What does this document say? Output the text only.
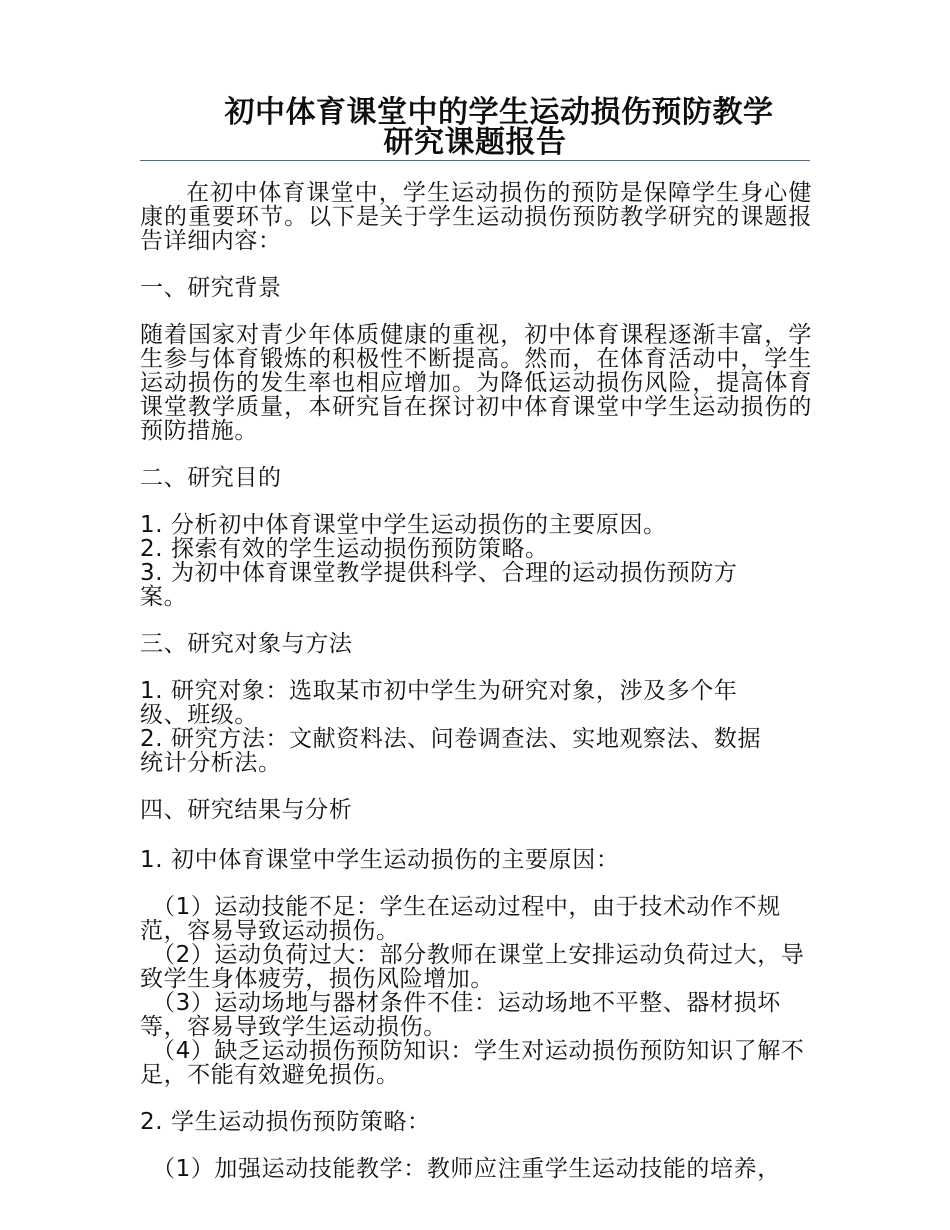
初中体育课堂中的学生运动损伤预防教学
研究课题报告

在初中体育课堂中，学生运动损伤的预防是保障学生身心健康的重要环节。以下是关于学生运动损伤预防教学研究的课题报告详细内容：

一、研究背景

随着国家对青少年体质健康的重视，初中体育课程逐渐丰富，学生参与体育锻炼的积极性不断提高。然而，在体育活动中，学生运动损伤的发生率也相应增加。为降低运动损伤风险，提高体育课堂教学质量，本研究旨在探讨初中体育课堂中学生运动损伤的预防措施。

二、研究目的
1. 分析初中体育课堂中学生运动损伤的主要原因。
2. 探索有效的学生运动损伤预防策略。
3. 为初中体育课堂教学提供科学、合理的运动损伤预防方案。
三、研究对象与方法
1. 研究对象：选取某市初中学生为研究对象，涉及多个年级、班级。
2. 研究方法：文献资料法、问卷调查法、实地观察法、数据统计分析法。
四、研究结果与分析
1. 初中体育课堂中学生运动损伤的主要原因：
（1）运动技能不足：学生在运动过程中，由于技术动作不规范，容易导致运动损伤。
（2）运动负荷过大：部分教师在课堂上安排运动负荷过大，导致学生身体疲劳，损伤风险增加。
（3）运动场地与器材条件不佳：运动场地不平整、器材损坏等，容易导致学生运动损伤。
（4）缺乏运动损伤预防知识：学生对运动损伤预防知识了解不足，不能有效避免损伤。
2. 学生运动损伤预防策略：
（1）加强运动技能教学：教师应注重学生运动技能的培养，
